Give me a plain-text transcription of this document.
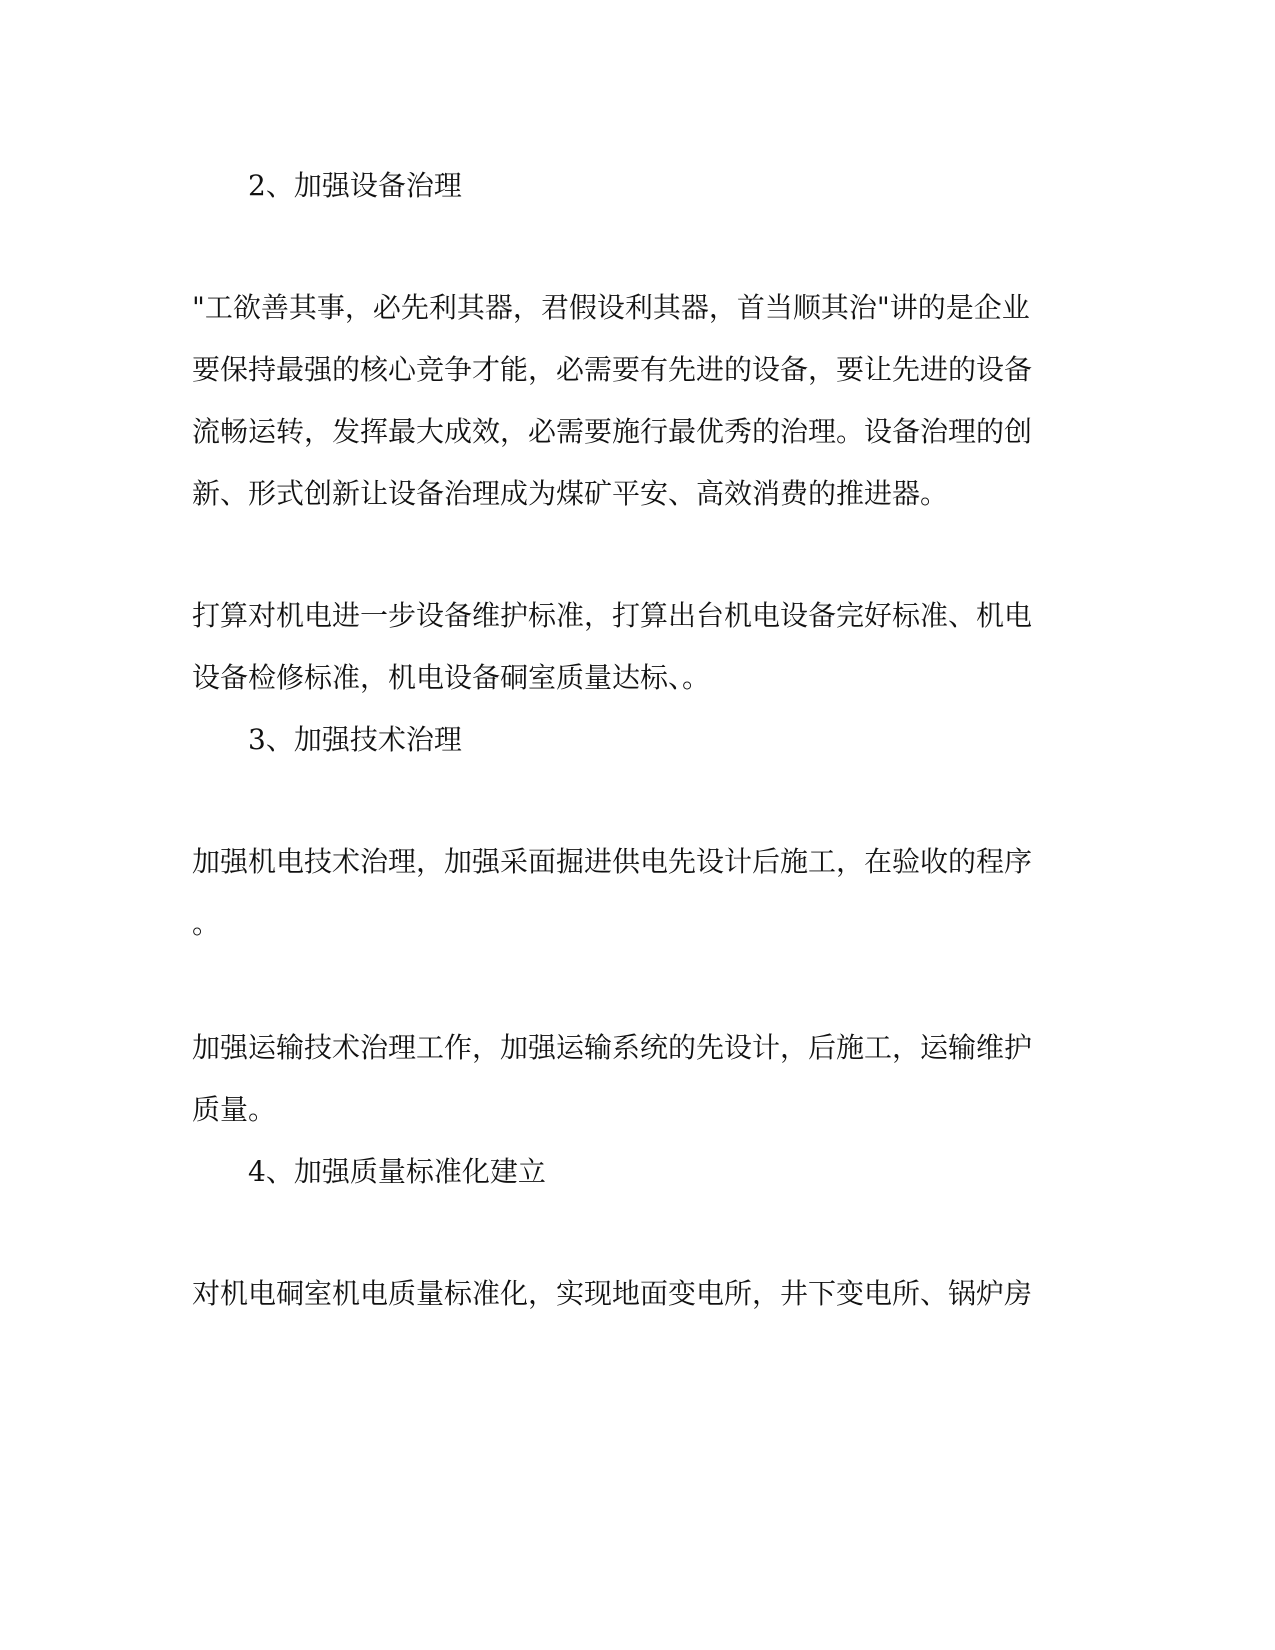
2、加强设备治理
"工欲善其事，必先利其器，君假设利其器，首当顺其治"讲的是企业
要保持最强的核心竞争才能，必需要有先进的设备，要让先进的设备
流畅运转，发挥最大成效，必需要施行最优秀的治理。设备治理的创
新、形式创新让设备治理成为煤矿平安、高效消费的推进器。
打算对机电进一步设备维护标准，打算出台机电设备完好标准、机电
设备检修标准，机电设备硐室质量达标、。
3、加强技术治理
加强机电技术治理，加强采面掘进供电先设计后施工，在验收的程序
。
加强运输技术治理工作，加强运输系统的先设计，后施工，运输维护
质量。
4、加强质量标准化建立
对机电硐室机电质量标准化，实现地面变电所，井下变电所、锅炉房
